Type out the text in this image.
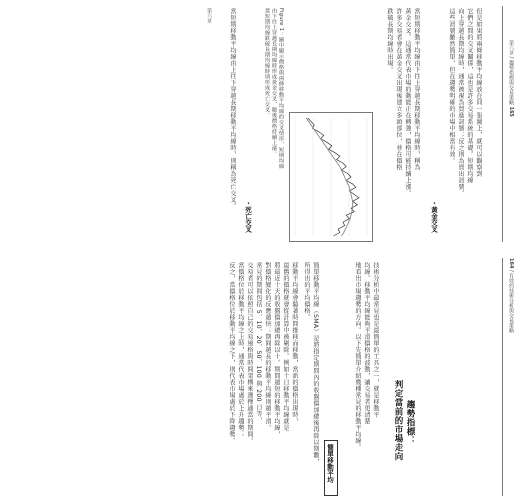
164 / 有效的技術分析與交易策略
趨勢指標：
判定當前的市場走向
技術分析中最常見也是最簡單的工具之一，就是移動平
均線。移動平均線能夠平滑價格的波動，讓交易者更清楚
地看出市場趨勢的方向。以下先簡單介紹幾種常見的移動平均線。
簡單移動平均
簡單移動平均線（SMA）是將指定期間內的收盤價加總後再除以期數，
所得出的平均價格。
移動平均線會隨著時間推移而移動，當新的價格出現時，
最舊的價格就會從計算中被剔除。例如十日移動平均線就是
將最近十天的收盤價加總再除以十。期間越短的移動平均線，
對價格變化的反應越快；期間越長的移動平均線則越平滑。
常見的期間包括 5、10、20、50、100 與 200 日等，
交易者可以依照自己的交易風格與時間架構來選擇適當的期間。
當價格位於移動平均線之上時，通常代表市場處於上升趨勢；
反之，當價格位於移動平均線之下，則代表市場處於下降趨勢。
第六章 / 趨勢指標與交易策略 165
但是如果將兩條移動平均線放在同一張圖上，就可以觀察到
它們之間的交叉關係，這也是許多交易系統的基礎。短期均線
向上穿越長期均線時，通常被視為買進訊號；反之則為賣出訊號。
這些訊號雖然簡單，但在趨勢明確的市場中相當有效。
・黃金交叉
當短期移動平均線由下往上穿越長期移動平均線時，稱為
黃金交叉。這通常代表市場的動能正在轉強，價格可能持續上漲。
許多交易者會在黃金交叉出現後建立多頭部位，並在價格
跌破長期均線時出場。
Figure 1：圖中顯示價格與兩條移動平均線的交叉情形，短期均線
由下往上穿越長期均線時形成黃金交叉，隨後價格持續上漲。
當短期均線跌破長期均線時則形成死亡交叉。
・死亡交叉
當短期移動平均線由上往下穿越長期移動平均線時，則稱為死亡交叉。
第六章
